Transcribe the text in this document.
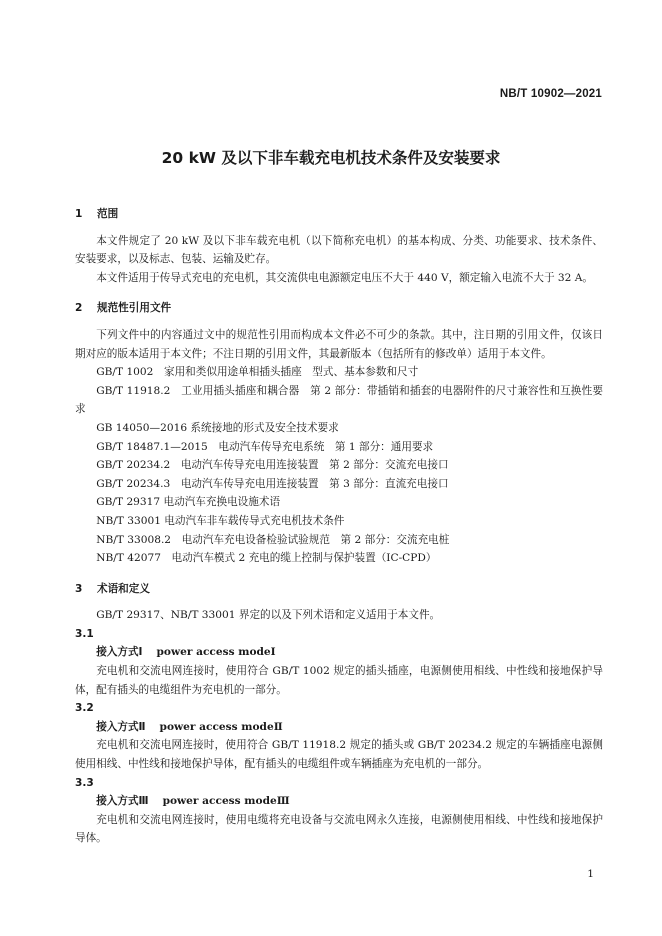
NB/T 10902—2021
20 kW 及以下非车载充电机技术条件及安装要求

1 范围

本文件规定了 20 kW 及以下非车载充电机（以下简称充电机）的基本构成、分类、功能要求、技术条件、安装要求，以及标志、包装、运输及贮存。

本文件适用于传导式充电的充电机，其交流供电电源额定电压不大于 440 V，额定输入电流不大于 32 A。

2 规范性引用文件

下列文件中的内容通过文中的规范性引用而构成本文件必不可少的条款。其中，注日期的引用文件，仅该日期对应的版本适用于本文件；不注日期的引用文件，其最新版本（包括所有的修改单）适用于本文件。

GB/T 1002　家用和类似用途单相插头插座　型式、基本参数和尺寸

GB/T 11918.2　工业用插头插座和耦合器　第 2 部分：带插销和插套的电器附件的尺寸兼容性和互换性要求

GB 14050—2016 系统接地的形式及安全技术要求

GB/T 18487.1—2015　电动汽车传导充电系统　第 1 部分：通用要求

GB/T 20234.2　电动汽车传导充电用连接装置　第 2 部分：交流充电接口

GB/T 20234.3　电动汽车传导充电用连接装置　第 3 部分：直流充电接口

GB/T 29317 电动汽车充换电设施术语

NB/T 33001 电动汽车非车载传导式充电机技术条件

NB/T 33008.2　电动汽车充电设备检验试验规范　第 2 部分：交流充电桩

NB/T 42077　电动汽车模式 2 充电的缆上控制与保护装置（IC-CPD）

3 术语和定义

GB/T 29317、NB/T 33001 界定的以及下列术语和定义适用于本文件。

3.1

接入方式Ⅰ power access modeⅠ

充电机和交流电网连接时，使用符合 GB/T 1002 规定的插头插座，电源侧使用相线、中性线和接地保护导体，配有插头的电缆组件为充电机的一部分。

3.2

接入方式Ⅱ power access modeⅡ

充电机和交流电网连接时，使用符合 GB/T 11918.2 规定的插头或 GB/T 20234.2 规定的车辆插座电源侧使用相线、中性线和接地保护导体，配有插头的电缆组件或车辆插座为充电机的一部分。

3.3

接入方式Ⅲ power access modeⅢ

充电机和交流电网连接时，使用电缆将充电设备与交流电网永久连接，电源侧使用相线、中性线和接地保护导体。

1
